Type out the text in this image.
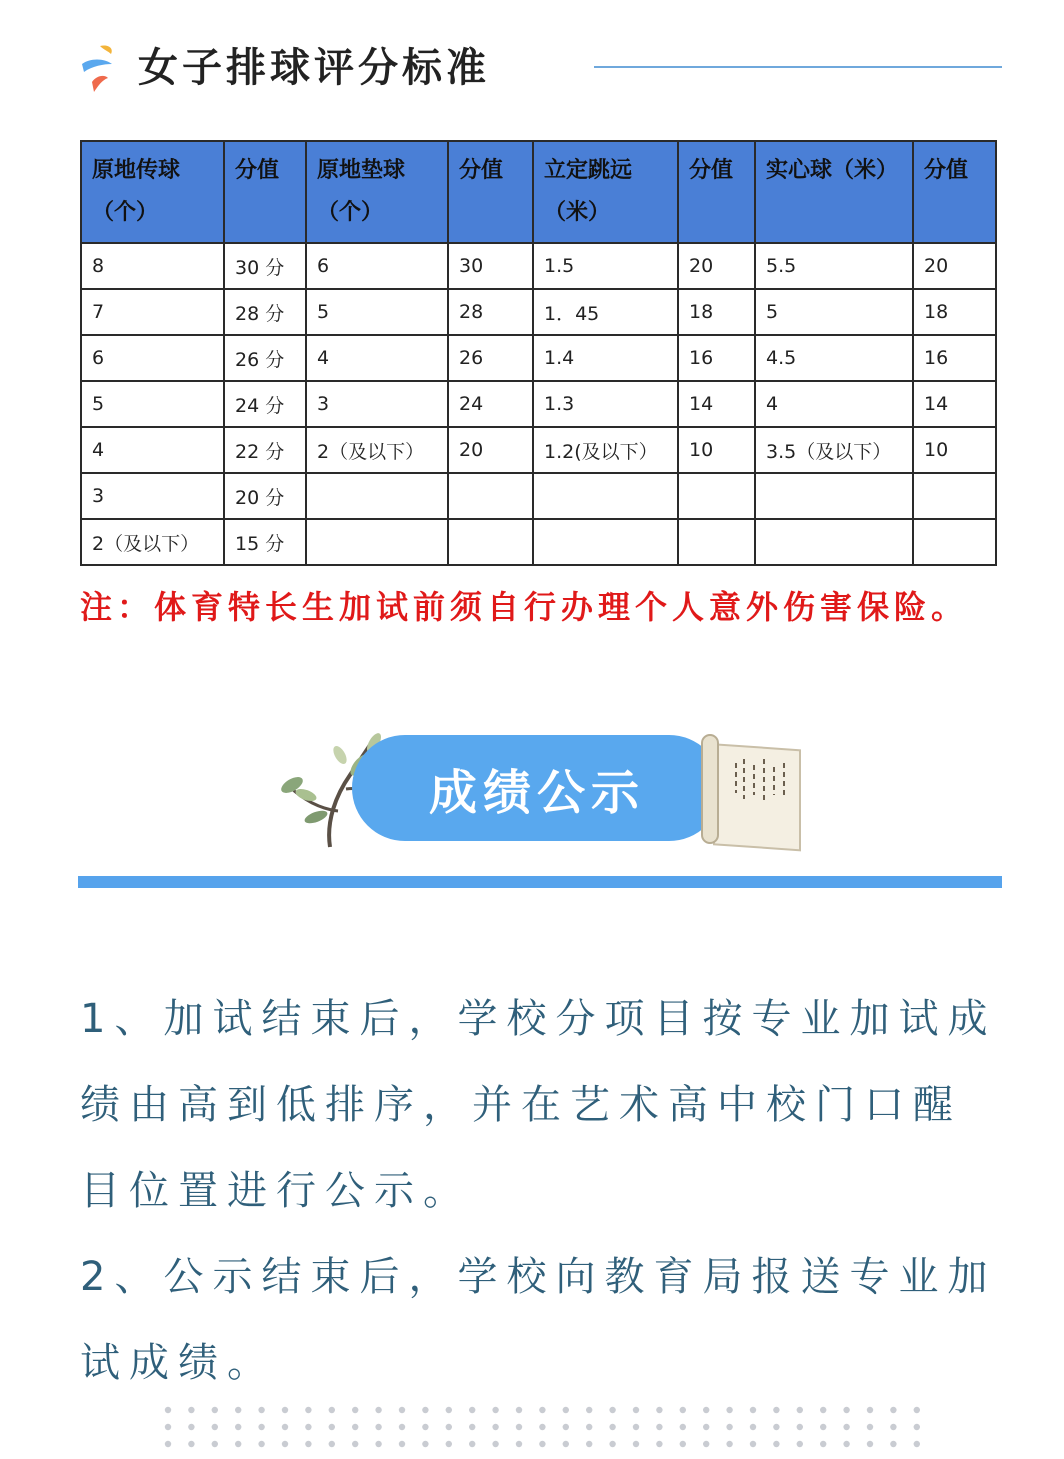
女子排球评分标准
原地传球（个）	分值	原地垫球（个）	分值	立定跳远（米）	分值	实心球（米）	分值
8	30 分	6	30	1.5	20	5.5	20
7	28 分	5	28	1．45	18	5	18
6	26 分	4	26	1.4	16	4.5	16
5	24 分	3	24	1.3	14	4	14
4	22 分	2（及以下）	20	1.2(及以下）	10	3.5（及以下）	10
3	20 分						
2（及以下）	15 分						
注：体育特长生加试前须自行办理个人意外伤害保险。
成绩公示

1、加试结束后，学校分项目按专业加试成绩由高到低排序，并在艺术高中校门口醒目位置进行公示。

2、公示结束后，学校向教育局报送专业加试成绩。
